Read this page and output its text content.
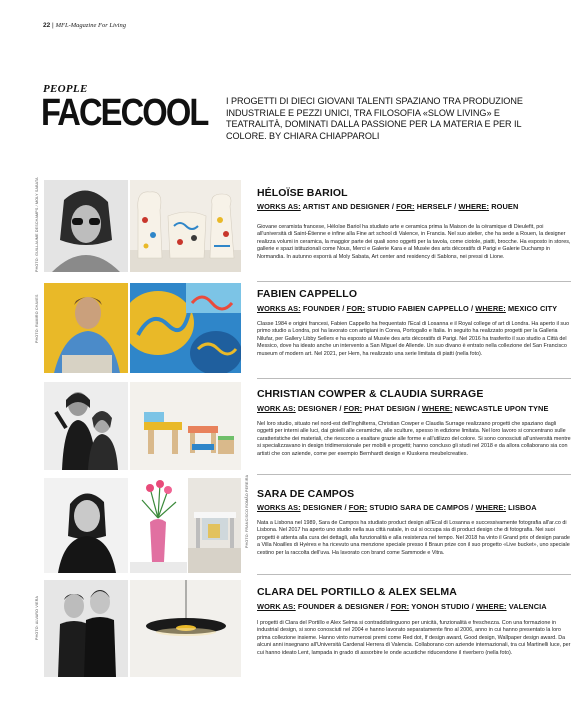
22 | MFL-Magazine For Living
PEOPLE
FACECOOL I PROGETTI DI DIECI GIOVANI TALENTI SPAZIANO TRA PRODUZIONE INDUSTRIALE E PEZZI UNICI, TRA FILOSOFIA «SLOW LIVING» E TEATRALITÀ, DOMINATI DALLA PASSIONE PER LA MATERIA E PER IL COLORE. BY CHIARA CHIAPPAROLI
PHOTO: GUILLAUME DESCHAMPS / MOLY SABATA	HÉLOÏSE BARIOL
WORKS AS: ARTIST AND DESIGNER / FOR: HERSELF / WHERE: ROUEN
Giovane ceramista francese, Héloïse Bariol ha studiato arte e ceramica prima la Maison de la céramique di Dieulefit, poi all'università di Saint-Étienne e infine alla Fine art school di Valence, in Francia. Nel suo atelier, che ha sede a Rouen, la designer realizza volumi in ceramica, la maggior parte dei quali sono oggetti per la tavola, come ciotole, piatti, brocche. Ha esposto in stores, gallerie e spazi istituzionali come Nous, Merci e Galerie Kara e al Musée des arts décoratifs di Parigi e Galerie Duchamp in Normandia. In autunno esporrà al Moly Sabata, Art center and residency di Sablons, nei pressi di Lione.
PHOTO: RAMIRO CHAVES
FABIEN CAPPELLO
WORKS AS: FOUNDER / FOR: STUDIO FABIEN CAPPELLO / WHERE: MEXICO CITY
Classe 1984 e origini francesi, Fabien Cappello ha frequentato l'Ecal di Losanna e il Royal college of art di Londra. Ha aperto il suo primo studio a Londra, poi ha lavorato con artigiani in Corea, Portogallo e Italia. In seguito ha realizzato progetti per la Galleria Nilufar, per Gallery Libby Sellers e ha esposto al Musée des arts décoratifs di Parigi. Nel 2016 ha trasferito il suo studio a Città del Messico, dove ha ideato anche un intervento a San Miguel de Allende. Un suo divano è entrato nella collezione del San Francisco museum of modern art. Nel 2021, per Hem, ha realizzato una serie limitata di piatti (nella foto).
CHRISTIAN COWPER & CLAUDIA SURRAGE
WORK AS: DESIGNER / FOR: PHAT DESIGN / WHERE: NEWCASTLE UPON TYNE
Nel loro studio, situato nel nord-est dell'Inghilterra, Christian Cowper e Claudia Surrage realizzano progetti che spaziano dagli oggetti per interni alle luci, dai gioielli alle ceramiche, alle sculture, spesso in edizione limitata. Nel loro lavoro si concentrano sulle caratteristiche dei materiali, che riescono a esaltare grazie alle forme e all'utilizzo del colore. Si sono conosciuti all'università mentre si specializzavano in design tridimensionale per mobili e progetti; hanno concluso gli studi nel 2018 e da allora collaborano sia con artisti che con aziende, come per esempio Bernhardt design e Kluskens meubelcreaties.
PHOTO: FRANCISCO ROMÃO PEREIRA SARA DE CAMPOS
WORKS AS: DESIGNER / FOR: STUDIO SARA DE CAMPOS / WHERE: LISBOA
Nata a Lisbona nel 1989, Sara de Campos ha studiato product design all'Ecal di Losanna e successivamente fotografia all'ar.co di Lisbona. Nel 2017 ha aperto uno studio nella sua città natale, in cui si occupa sia di product design che di fotografia. Nei suoi progetti è attenta alla cura dei dettagli, alla funzionalità e alla resistenza nel tempo. Nel 2018 ha vinto il Grand prix of design parade a Villa Noailles di Hyères e ha ricevuto una menzione speciale presso il Braun prize con il suo progetto «Live bucket», uno speciale cestino per la raccolta dell'uva. Ha lavorato con brand come Sammode e Vitra.
PHOTO: ALVARO VIERA
CLARA DEL PORTILLO & ALEX SELMA
WORK AS: FOUNDER & DESIGNER / FOR: YONOH STUDIO / WHERE: VALENCIA
I progetti di Clara del Portillo e Alex Selma si contraddistinguono per unicità, funzionalità e freschezza. Con una formazione in industrial design, si sono conosciuti nel 2004 e hanno lavorato separatamente fino al 2006, anno in cui hanno presentato la loro prima collezione insieme. Hanno vinto numerosi premi come Red dot, If design award, Good design, Wallpaper design award. Da alcuni anni insegnano all'Università Cardenal Herrera di Valencia. Collaborano con aziende internazionali, tra cui Martinelli luce, per cui hanno ideato Lent, lampada in grado di assorbire le onde acustiche riducendone il riverbero (nella foto).
